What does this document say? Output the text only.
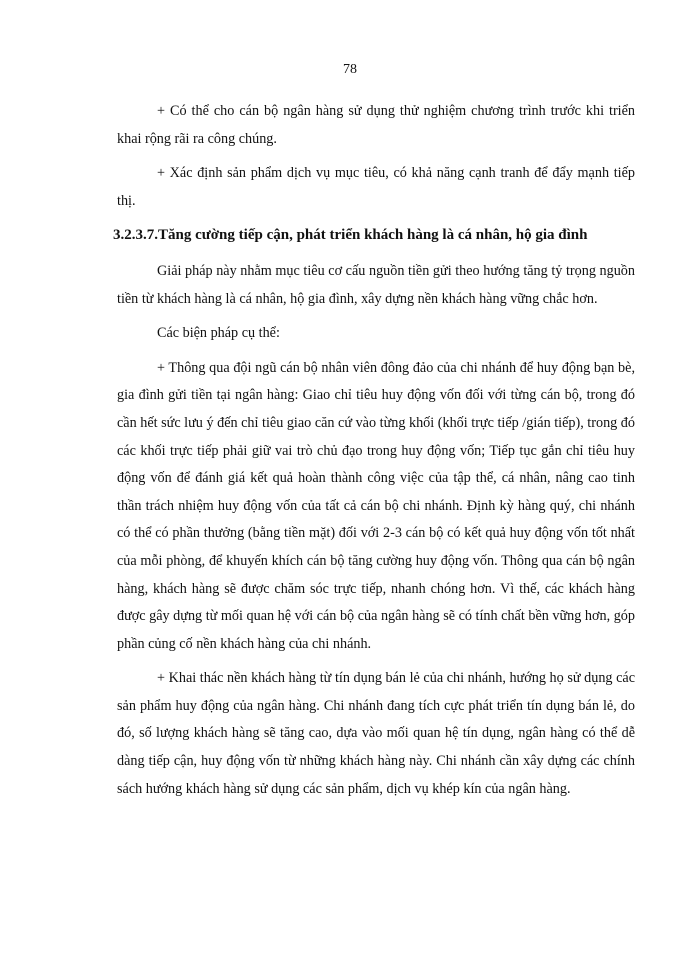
78

+ Có thể cho cán bộ ngân hàng sử dụng thử nghiệm chương trình trước khi triển khai rộng rãi ra công chúng.

+ Xác định sản phẩm dịch vụ mục tiêu, có khả năng cạnh tranh để đẩy mạnh tiếp thị.

3.2.3.7.Tăng cường tiếp cận, phát triển khách hàng là cá nhân, hộ gia đình

Giải pháp này nhằm mục tiêu cơ cấu nguồn tiền gửi theo hướng tăng tỷ trọng nguồn tiền từ khách hàng là cá nhân, hộ gia đình, xây dựng nền khách hàng vững chắc hơn.

Các biện pháp cụ thể:

+ Thông qua đội ngũ cán bộ nhân viên đông đảo của chi nhánh để huy động bạn bè, gia đình gửi tiền tại ngân hàng: Giao chỉ tiêu huy động vốn đối với từng cán bộ, trong đó cần hết sức lưu ý đến chỉ tiêu giao căn cứ vào từng khối (khối trực tiếp /gián tiếp), trong đó các khối trực tiếp phải giữ vai trò chủ đạo trong huy động vốn; Tiếp tục gắn chỉ tiêu huy động vốn để đánh giá kết quả hoàn thành công việc của tập thể, cá nhân, nâng cao tinh thần trách nhiệm huy động vốn của tất cả cán bộ chi nhánh. Định kỳ hàng quý, chi nhánh có thể có phần thưởng (bằng tiền mặt) đối với 2-3 cán bộ có kết quả huy động vốn tốt nhất của mỗi phòng, để khuyến khích cán bộ tăng cường huy động vốn. Thông qua cán bộ ngân hàng, khách hàng sẽ được chăm sóc trực tiếp, nhanh chóng hơn. Vì thế, các khách hàng được gây dựng từ mối quan hệ với cán bộ của ngân hàng sẽ có tính chất bền vững hơn, góp phần củng cố nền khách hàng của chi nhánh.

+ Khai thác nền khách hàng từ tín dụng bán lẻ của chi nhánh, hướng họ sử dụng các sản phẩm huy động của ngân hàng. Chi nhánh đang tích cực phát triển tín dụng bán lẻ, do đó, số lượng khách hàng sẽ tăng cao, dựa vào mối quan hệ tín dụng, ngân hàng có thể dễ dàng tiếp cận, huy động vốn từ những khách hàng này. Chi nhánh cần xây dựng các chính sách hướng khách hàng sử dụng các sản phẩm, dịch vụ khép kín của ngân hàng.
